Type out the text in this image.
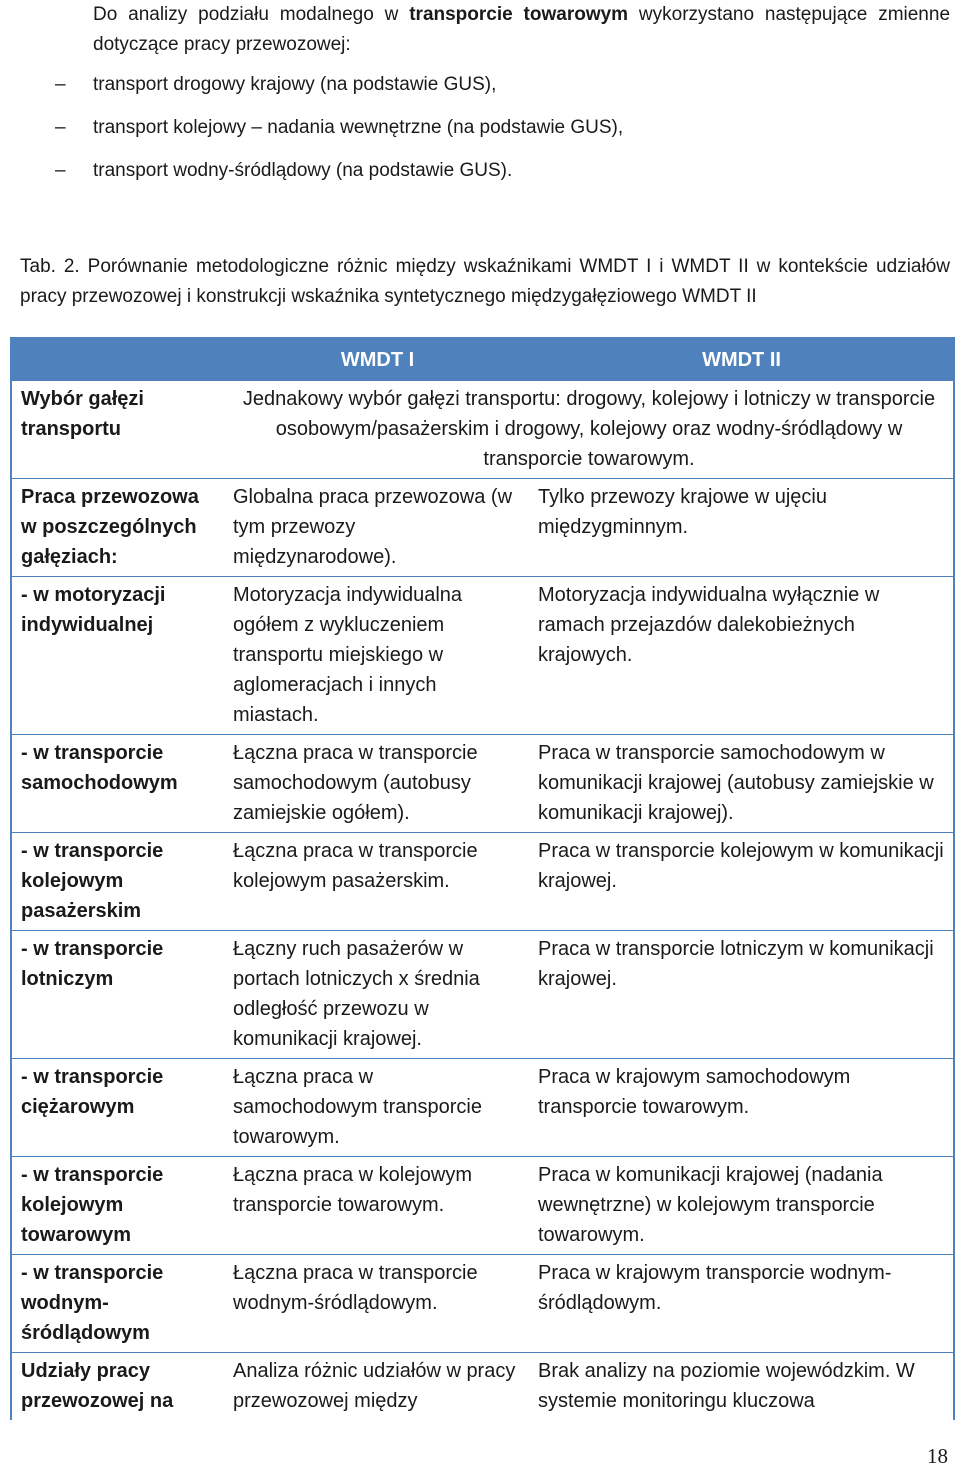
Do analizy podziału modalnego w transporcie towarowym wykorzystano następujące zmienne dotyczące pracy przewozowej:
–	transport drogowy krajowy (na podstawie GUS),
–	transport kolejowy – nadania wewnętrzne (na podstawie GUS),
–	transport wodny-śródlądowy (na podstawie GUS).
Tab. 2. Porównanie metodologiczne różnic między wskaźnikami WMDT I i WMDT II w kontekście udziałów pracy przewozowej i konstrukcji wskaźnika syntetycznego międzygałęziowego WMDT II
	WMDT I	WMDT II
Wybór gałęzi transportu	Jednakowy wybór gałęzi transportu: drogowy, kolejowy i lotniczy w transporcie osobowym/pasażerskim i drogowy, kolejowy oraz wodny-śródlądowy w transporcie towarowym.	
Praca przewozowa w poszczególnych gałęziach:	Globalna praca przewozowa (w tym przewozy międzynarodowe).	Tylko przewozy krajowe w ujęciu międzygminnym.
- w motoryzacji indywidualnej	Motoryzacja indywidualna ogółem z wykluczeniem transportu miejskiego w aglomeracjach i innych miastach.	Motoryzacja indywidualna wyłącznie w ramach przejazdów dalekobieżnych krajowych.
- w transporcie samochodowym	Łączna praca w transporcie samochodowym (autobusy zamiejskie ogółem).	Praca w transporcie samochodowym w komunikacji krajowej (autobusy zamiejskie w komunikacji krajowej).
- w transporcie kolejowym pasażerskim	Łączna praca w transporcie kolejowym pasażerskim.	Praca w transporcie kolejowym w komunikacji krajowej.
- w transporcie lotniczym	Łączny ruch pasażerów w portach lotniczych x średnia odległość przewozu w komunikacji krajowej.	Praca w transporcie lotniczym w komunikacji krajowej.
- w transporcie ciężarowym	Łączna praca w samochodowym transporcie towarowym.	Praca w krajowym samochodowym transporcie towarowym.
- w transporcie kolejowym towarowym	Łączna praca w kolejowym transporcie towarowym.	Praca w komunikacji krajowej (nadania wewnętrzne) w kolejowym transporcie towarowym.
- w transporcie wodnym-śródlądowym	Łączna praca w transporcie wodnym-śródlądowym.	Praca w krajowym transporcie wodnym-śródlądowym.
Udziały pracy przewozowej na	Analiza różnic udziałów w pracy przewozowej między	Brak analizy na poziomie wojewódzkim. W systemie monitoringu kluczowa
18
